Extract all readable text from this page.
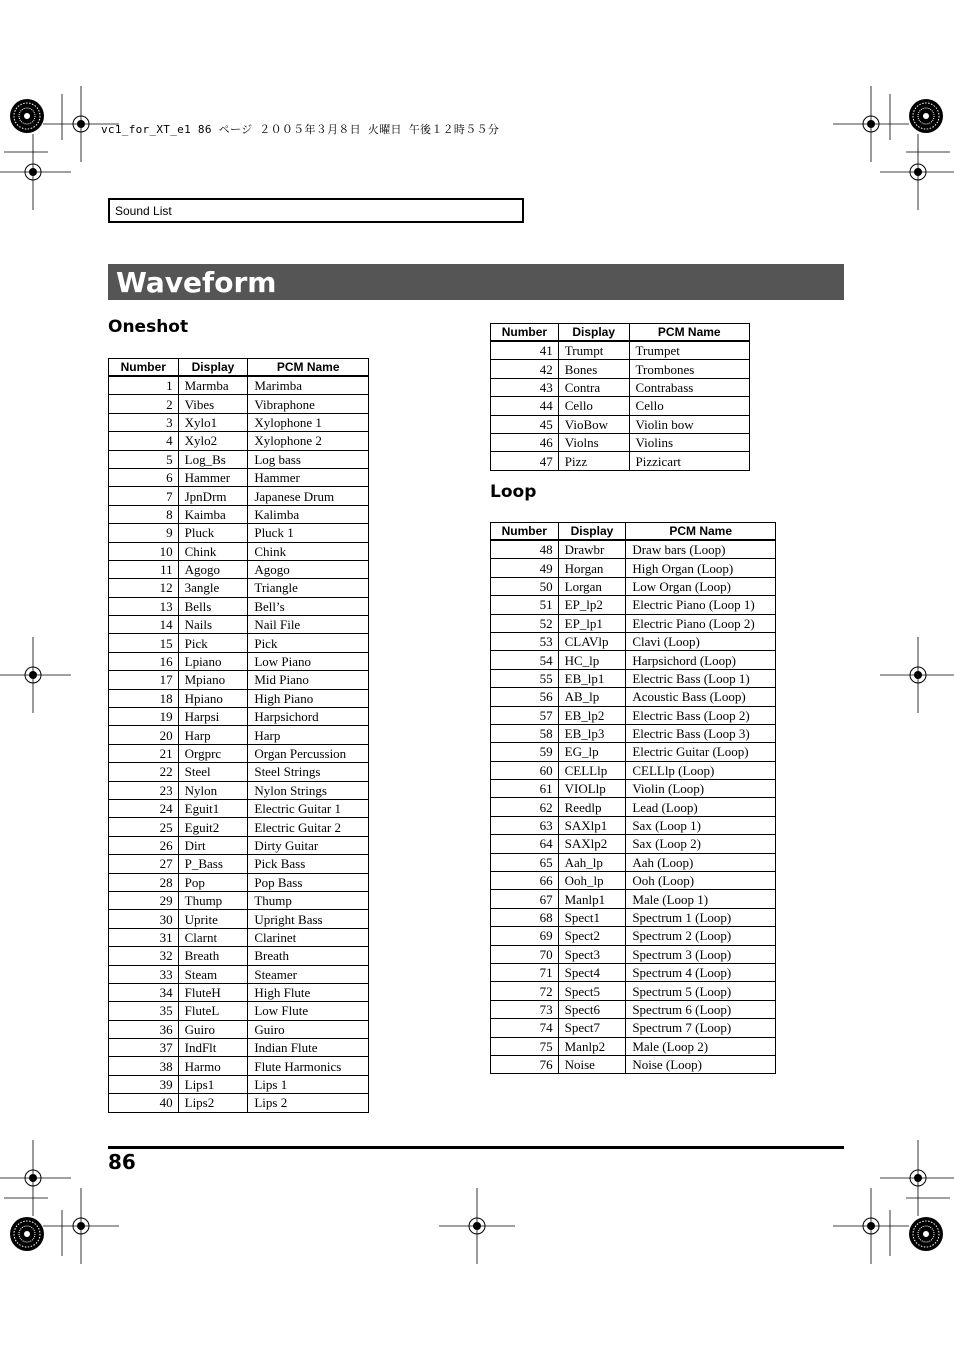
vc1_for_XT_e1 86 ページ ２００５年３月８日 火曜日 午後１２時５５分
Sound List
Waveform
Oneshot
Loop
Number	Display	PCM Name
1	Marmba	Marimba
2	Vibes	Vibraphone
3	Xylo1	Xylophone 1
4	Xylo2	Xylophone 2
5	Log_Bs	Log bass
6	Hammer	Hammer
7	JpnDrm	Japanese Drum
8	Kaimba	Kalimba
9	Pluck	Pluck 1
10	Chink	Chink
11	Agogo	Agogo
12	3angle	Triangle
13	Bells	Bell’s
14	Nails	Nail File
15	Pick	Pick
16	Lpiano	Low Piano
17	Mpiano	Mid Piano
18	Hpiano	High Piano
19	Harpsi	Harpsichord
20	Harp	Harp
21	Orgprc	Organ Percussion
22	Steel	Steel Strings
23	Nylon	Nylon Strings
24	Eguit1	Electric Guitar 1
25	Eguit2	Electric Guitar 2
26	Dirt	Dirty Guitar
27	P_Bass	Pick Bass
28	Pop	Pop Bass
29	Thump	Thump
30	Uprite	Upright Bass
31	Clarnt	Clarinet
32	Breath	Breath
33	Steam	Steamer
34	FluteH	High Flute
35	FluteL	Low Flute
36	Guiro	Guiro
37	IndFlt	Indian Flute
38	Harmo	Flute Harmonics
39	Lips1	Lips 1
40	Lips2	Lips 2
Number	Display	PCM Name
41	Trumpt	Trumpet
42	Bones	Trombones
43	Contra	Contrabass
44	Cello	Cello
45	VioBow	Violin bow
46	Violns	Violins
47	Pizz	Pizzicart
Number	Display	PCM Name
48	Drawbr	Draw bars (Loop)
49	Horgan	High Organ (Loop)
50	Lorgan	Low Organ (Loop)
51	EP_lp2	Electric Piano (Loop 1)
52	EP_lp1	Electric Piano (Loop 2)
53	CLAVlp	Clavi (Loop)
54	HC_lp	Harpsichord (Loop)
55	EB_lp1	Electric Bass (Loop 1)
56	AB_lp	Acoustic Bass (Loop)
57	EB_lp2	Electric Bass (Loop 2)
58	EB_lp3	Electric Bass (Loop 3)
59	EG_lp	Electric Guitar (Loop)
60	CELLlp	CELLlp (Loop)
61	VIOLlp	Violin (Loop)
62	Reedlp	Lead (Loop)
63	SAXlp1	Sax (Loop 1)
64	SAXlp2	Sax (Loop 2)
65	Aah_lp	Aah (Loop)
66	Ooh_lp	Ooh (Loop)
67	Manlp1	Male (Loop 1)
68	Spect1	Spectrum 1 (Loop)
69	Spect2	Spectrum 2 (Loop)
70	Spect3	Spectrum 3 (Loop)
71	Spect4	Spectrum 4 (Loop)
72	Spect5	Spectrum 5 (Loop)
73	Spect6	Spectrum 6 (Loop)
74	Spect7	Spectrum 7 (Loop)
75	Manlp2	Male (Loop 2)
76	Noise	Noise (Loop)
86
